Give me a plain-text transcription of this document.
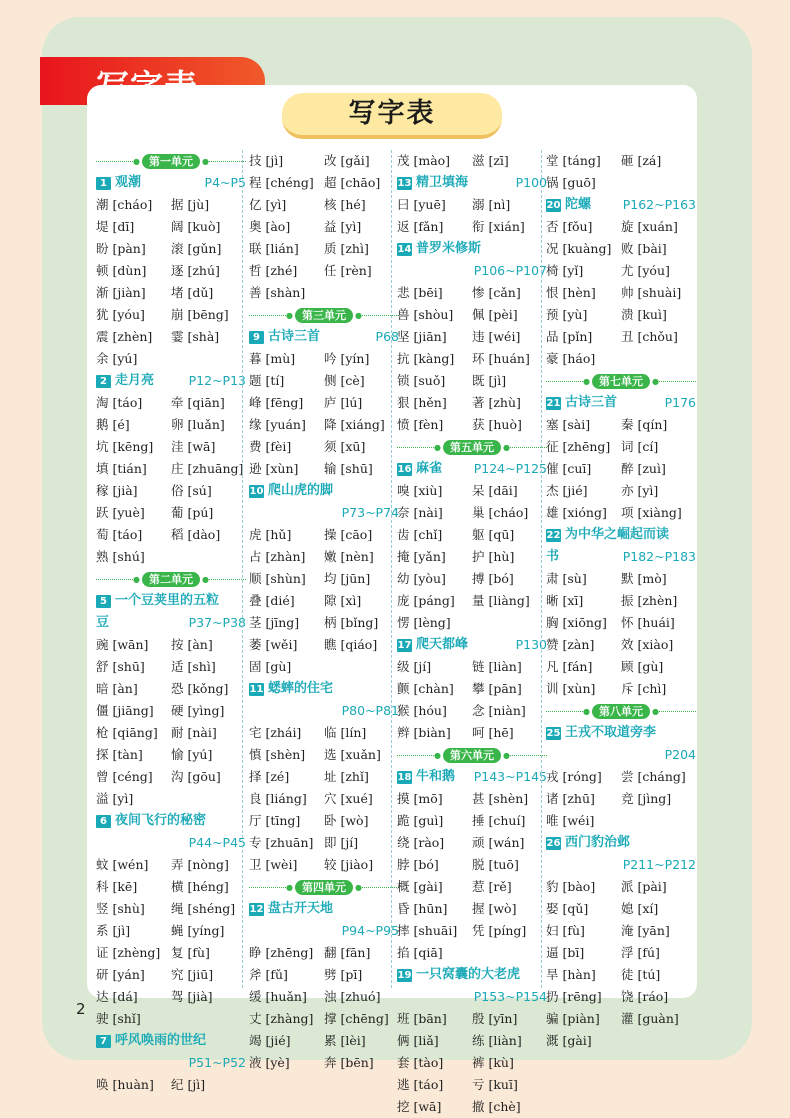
写字表
● 第一单元	●
1 观潮	P4~P5
潮 [cháo]	据 [jù]
堤 [dī]	阔 [kuò]
盼 [pàn]	滚 [gǔn]
顿 [dùn]	逐 [zhú]
渐 [jiàn]	堵 [dǔ]
犹 [yóu]	崩 [bēng]
震 [zhèn]	霎 [shà]
余 [yú]
2 走月亮	P12~P13
淘 [táo]	牵 [qiān]
鹅 [é]	卵 [luǎn]
坑 [kēng]	洼 [wā]
填 [tián]	庄 [zhuāng]
稼 [jià]	俗 [sú]
跃 [yuè]	葡 [pú]
萄 [táo]	稻 [dào]
熟 [shú]
● 第二单元	●
5 一个豆荚里的五粒
豆	P37~P38
豌 [wān]	按 [àn]
舒 [shū]	适 [shì]
暗 [àn]	恐 [kǒng]
僵 [jiāng]	硬 [yìng]
枪 [qiāng]	耐 [nài]
探 [tàn]	愉 [yú]
曾 [céng]	沟 [gōu]
溢 [yì]
6 夜间飞行的秘密
P44~P45
蚊 [wén]	弄 [nòng]
科 [kē]	横 [héng]
竖 [shù]	绳 [shéng]
系 [jì]	蝇 [yíng]
证 [zhèng] 复 [fù]
研 [yán]	究 [jiū]
达 [dá]	驾 [jià]
驶 [shǐ]
7 呼风唤雨的世纪
P51~P52
唤 [huàn]	纪 [jì]
技 [jì]	改 [gǎi]
程 [chéng] 超 [chāo]
亿 [yì]	核 [hé]
奥 [ào]	益 [yì]
联 [lián]	质 [zhì]
哲 [zhé]	任 [rèn]
善 [shàn]
● 第三单元	●
9 古诗三首	P68
暮 [mù]	吟 [yín]
题 [tí]	侧 [cè]
峰 [fēng]	庐 [lú]
缘 [yuán]	降 [xiáng]
费 [fèi]	须 [xū]
逊 [xùn]	输 [shū]
10 爬山虎的脚
P73~P74
虎 [hǔ]	操 [cāo]
占 [zhàn]	嫩 [nèn]
顺 [shùn]	均 [jūn]
叠 [dié]	隙 [xì]
茎 [jīng]	柄 [bǐng]
萎 [wěi]	瞧 [qiáo]
固 [gù]
11 蟋蟀的住宅
P80~P81
宅 [zhái]	临 [lín]
慎 [shèn]	选 [xuǎn]
择 [zé]	址 [zhǐ]
良 [liáng]	穴 [xué]
厅 [tīng]	卧 [wò]
专 [zhuān] 即 [jí]
卫 [wèi]	较 [jiào]
● 第四单元	●
12 盘古开天地
P94~P95
睁 [zhēng] 翻 [fān]
斧 [fǔ]	劈 [pī]
缓 [huǎn]	浊 [zhuó]
丈 [zhàng] 撑 [chēng]
竭 [jié]	累 [lèi]
液 [yè]	奔 [bēn]
茂 [mào]	滋 [zī]
13 精卫填海	P100
曰 [yuē]	溺 [nì]
返 [fǎn]	衔 [xián]
14 普罗米修斯
P106~P107
悲 [bēi]	惨 [cǎn]
兽 [shòu]	佩 [pèi]
坚 [jiān]	违 [wéi]
抗 [kàng]	环 [huán]
锁 [suǒ]	既 [jì]
狠 [hěn]	著 [zhù]
愤 [fèn]	获 [huò]
● 第五单元	●
16 麻雀	P124~P125
嗅 [xiù]	呆 [dāi]
奈 [nài]	巢 [cháo]
齿 [chǐ]	躯 [qū]
掩 [yǎn]	护 [hù]
幼 [yòu]	搏 [bó]
庞 [páng]	量 [liàng]
愣 [lèng]
17 爬天都峰	P130
级 [jí]	链 [liàn]
颤 [chàn]	攀 [pān]
猴 [hóu]	念 [niàn]
辫 [biàn]	呵 [hē]
● 第六单元	●
18 牛和鹅 P143~P145
摸 [mō]	甚 [shèn]
跪 [guì]	捶 [chuí]
绕 [rào]	顽 [wán]
脖 [bó]	脱 [tuō]
概 [gài]	惹 [rě]
昏 [hūn]	握 [wò]
摔 [shuāi]	凭 [píng]
掐 [qiā]
19 一只窝囊的大老虎
P153~P154
班 [bān]	殷 [yīn]
俩 [liǎ]	练 [liàn]
套 [tào]	裤 [kù]
逃 [táo]	亏 [kuī]
挖 [wā]	撤 [chè]
堂 [táng]	砸 [zá]
锅 [guō]
20 陀螺	P162~P163
否 [fǒu]	旋 [xuán]
况 [kuàng] 败 [bài]
椅 [yǐ]	尤 [yóu]
恨 [hèn]	帅 [shuài]
预 [yù]	溃 [kuì]
品 [pǐn]	丑 [chǒu]
豪 [háo]
● 第七单元	●
21 古诗三首	P176
塞 [sài]	秦 [qín]
征 [zhēng] 词 [cí]
催 [cuī]	醉 [zuì]
杰 [jié]	亦 [yì]
雄 [xióng]	项 [xiàng]
22 为中华之崛起而读
书	P182~P183
肃 [sù]	默 [mò]
晰 [xī]	振 [zhèn]
胸 [xiōng]	怀 [huái]
赞 [zàn]	效 [xiào]
凡 [fán]	顾 [gù]
训 [xùn]	斥 [chì]
● 第八单元	●
25 王戎不取道旁李
P204
戎 [róng]	尝 [cháng]
诸 [zhū]	竞 [jìng]
唯 [wéi]
26 西门豹治邺
P211~P212
豹 [bào]	派 [pài]
娶 [qǔ]	媳 [xí]
妇 [fù]	淹 [yān]
逼 [bī]	浮 [fú]
旱 [hàn]	徒 [tú]
扔 [rēng]	饶 [ráo]
骗 [piàn]	灌 [guàn]
溉 [gài]
2
